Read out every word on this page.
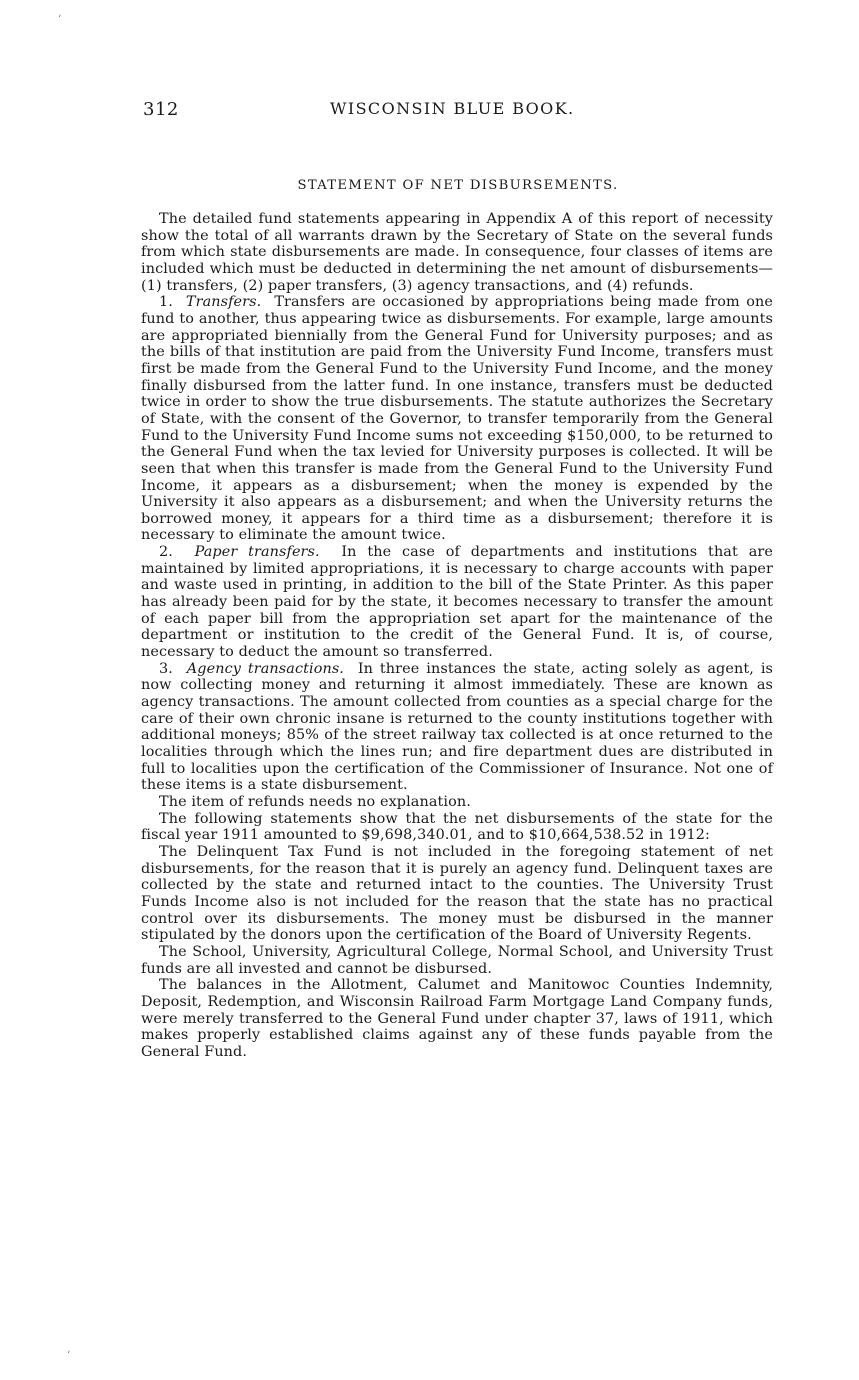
ʻ
312	WISCONSIN BLUE BOOK.
STATEMENT OF NET DISBURSEMENTS.

The detailed fund statements appearing in Appendix A of this report of necessity show the total of all warrants drawn by the Secretary of State on the several funds from which state disbursements are made. In consequence, four classes of items are included which must be deducted in determining the net amount of disbursements—(1) transfers, (2) paper transfers, (3) agency transactions, and (4) refunds.

1. Transfers. Transfers are occasioned by appropriations being made from one fund to another, thus appearing twice as disbursements. For example, large amounts are appropriated biennially from the General Fund for University purposes; and as the bills of that institution are paid from the University Fund Income, transfers must first be made from the General Fund to the University Fund Income, and the money finally disbursed from the latter fund. In one instance, transfers must be deducted twice in order to show the true disbursements. The statute authorizes the Secretary of State, with the consent of the Governor, to transfer temporarily from the General Fund to the University Fund Income sums not exceeding $150,000, to be returned to the General Fund when the tax levied for University purposes is collected. It will be seen that when this transfer is made from the General Fund to the University Fund Income, it appears as a disbursement; when the money is expended by the University it also appears as a disbursement; and when the University returns the borrowed money, it appears for a third time as a disbursement; therefore it is necessary to eliminate the amount twice.

2. Paper transfers. In the case of departments and institutions that are maintained by limited appropriations, it is necessary to charge accounts with paper and waste used in printing, in addition to the bill of the State Printer. As this paper has already been paid for by the state, it becomes necessary to transfer the amount of each paper bill from the appropriation set apart for the maintenance of the department or institution to the credit of the General Fund. It is, of course, necessary to deduct the amount so transferred.

3. Agency transactions. In three instances the state, acting solely as agent, is now collecting money and returning it almost immediately. These are known as agency transactions. The amount collected from counties as a special charge for the care of their own chronic insane is returned to the county institutions together with additional moneys; 85% of the street railway tax collected is at once returned to the localities through which the lines run; and fire department dues are distributed in full to localities upon the certification of the Commissioner of Insurance. Not one of these items is a state disbursement.

The item of refunds needs no explanation.

The following statements show that the net disbursements of the state for the fiscal year 1911 amounted to $9,698,340.01, and to $10,664,538.52 in 1912:

The Delinquent Tax Fund is not included in the foregoing statement of net disbursements, for the reason that it is purely an agency fund. Delinquent taxes are collected by the state and returned intact to the counties. The University Trust Funds Income also is not included for the reason that the state has no practical control over its disbursements. The money must be disbursed in the manner stipulated by the donors upon the certification of the Board of University Regents.

The School, University, Agricultural College, Normal School, and University Trust funds are all invested and cannot be disbursed.

The balances in the Allotment, Calumet and Manitowoc Counties Indemnity, Deposit, Redemption, and Wisconsin Railroad Farm Mortgage Land Company funds, were merely transferred to the General Fund under chapter 37, laws of 1911, which makes properly established claims against any of these funds payable from the General Fund.

ʻ
